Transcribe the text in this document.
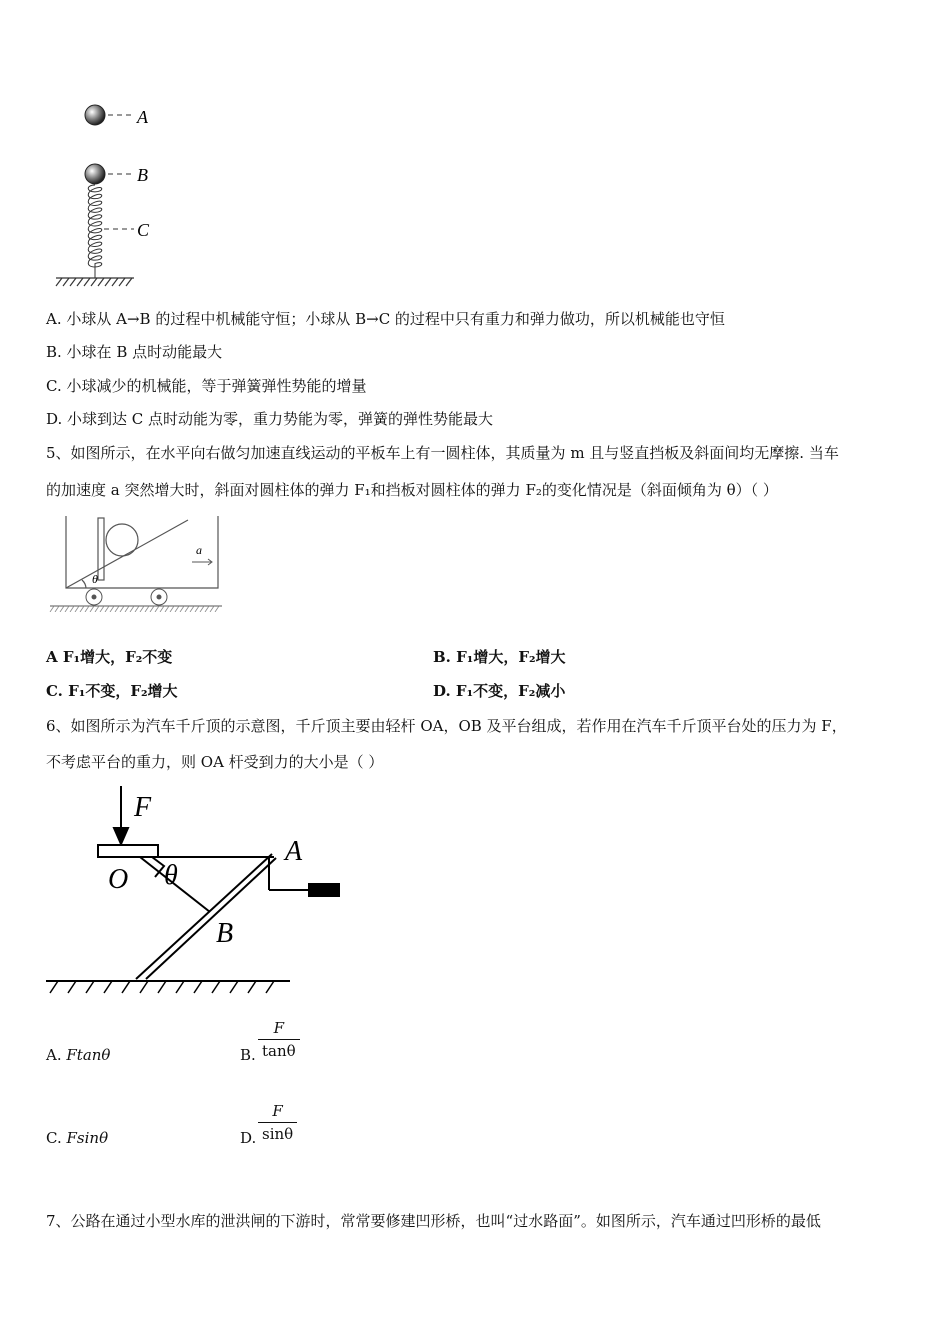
A
B
C
A. 小球从 A→B 的过程中机械能守恒；小球从 B→C 的过程中只有重力和弹力做功，所以机械能也守恒
B. 小球在 B 点时动能最大
C. 小球减少的机械能，等于弹簧弹性势能的增量
D. 小球到达 C 点时动能为零，重力势能为零，弹簧的弹性势能最大
5、如图所示，在水平向右做匀加速直线运动的平板车上有一圆柱体，其质量为 m 且与竖直挡板及斜面间均无摩擦. 当车
的加速度 a 突然增大时，斜面对圆柱体的弹力 F₁和挡板对圆柱体的弹力 F₂的变化情况是（斜面倾角为 θ）（ ）
θ
a
A F₁增大，F₂不变	B. F₁增大，F₂增大
C. F₁不变，F₂增大	D. F₁不变，F₂减小
6、如图所示为汽车千斤顶的示意图，千斤顶主要由轻杆 OA，OB 及平台组成，若作用在汽车千斤顶平台处的压力为 F，
不考虑平台的重力，则 OA 杆受到力的大小是（ ）
F
A
O θ
B
A. Ftanθ	B. $\frac{F}{\tan\theta}$
C. Fsinθ	D. $\frac{F}{\sin\theta}$
7、公路在通过小型水库的泄洪闸的下游时，常常要修建凹形桥，也叫“过水路面”。如图所示，汽车通过凹形桥的最低
